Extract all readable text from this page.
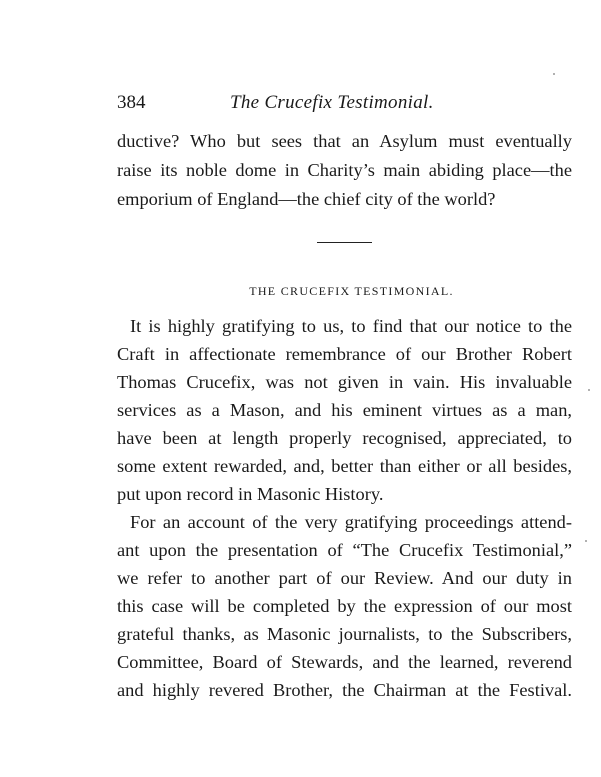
384	The Crucefix Testimonial.
ductive? Who but sees that an Asylum must eventually
raise its noble dome in Charity’s main abiding place—the
emporium of England—the chief city of the world?
THE CRUCEFIX TESTIMONIAL.
It is highly gratifying to us, to find that our notice to the
Craft in affectionate remembrance of our Brother Robert
Thomas Crucefix, was not given in vain. His invaluable
services as a Mason, and his eminent virtues as a man,
have been at length properly recognised, appreciated, to
some extent rewarded, and, better than either or all besides,
put upon record in Masonic History.
For an account of the very gratifying proceedings attend-
ant upon the presentation of “The Crucefix Testimonial,”
we refer to another part of our Review. And our duty in
this case will be completed by the expression of our most
grateful thanks, as Masonic journalists, to the Subscribers,
Committee, Board of Stewards, and the learned, reverend
and highly revered Brother, the Chairman at the Festival.
